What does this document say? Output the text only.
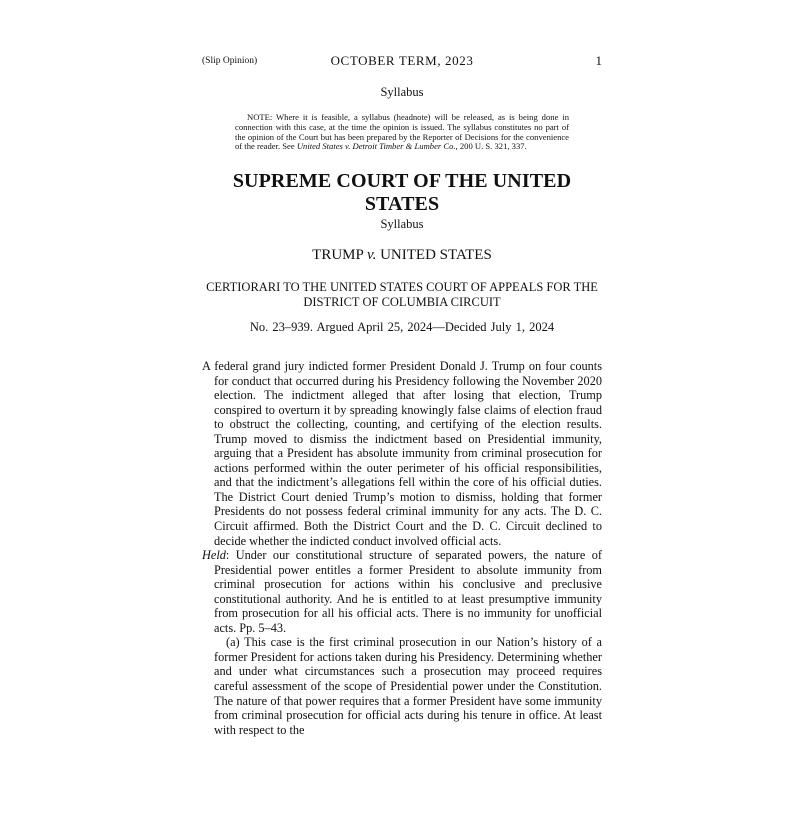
(Slip Opinion)	OCTOBER TERM, 2023	1
Syllabus

NOTE: Where it is feasible, a syllabus (headnote) will be released, as is being done in connection with this case, at the time the opinion is issued. The syllabus constitutes no part of the opinion of the Court but has been prepared by the Reporter of Decisions for the convenience of the reader. See United States v. Detroit Timber & Lumber Co., 200 U. S. 321, 337.

SUPREME COURT OF THE UNITED STATES
Syllabus
TRUMP v. UNITED STATES
CERTIORARI TO THE UNITED STATES COURT OF APPEALS FOR THE DISTRICT OF COLUMBIA CIRCUIT
No. 23–939. Argued April 25, 2024—Decided July 1, 2024

A federal grand jury indicted former President Donald J. Trump on four counts for conduct that occurred during his Presidency following the November 2020 election. The indictment alleged that after losing that election, Trump conspired to overturn it by spreading knowingly false claims of election fraud to obstruct the collecting, counting, and certifying of the election results. Trump moved to dismiss the indictment based on Presidential immunity, arguing that a President has absolute immunity from criminal prosecution for actions performed within the outer perimeter of his official responsibilities, and that the indictment’s allegations fell within the core of his official duties. The District Court denied Trump’s motion to dismiss, holding that former Presidents do not possess federal criminal immunity for any acts. The D. C. Circuit affirmed. Both the District Court and the D. C. Circuit declined to decide whether the indicted conduct involved official acts.

Held: Under our constitutional structure of separated powers, the nature of Presidential power entitles a former President to absolute immunity from criminal prosecution for actions within his conclusive and preclusive constitutional authority. And he is entitled to at least presumptive immunity from prosecution for all his official acts. There is no immunity for unofficial acts. Pp. 5–43.

(a) This case is the first criminal prosecution in our Nation’s history of a former President for actions taken during his Presidency. Determining whether and under what circumstances such a prosecution may proceed requires careful assessment of the scope of Presidential power under the Constitution. The nature of that power requires that a former President have some immunity from criminal prosecution for official acts during his tenure in office. At least with respect to the
